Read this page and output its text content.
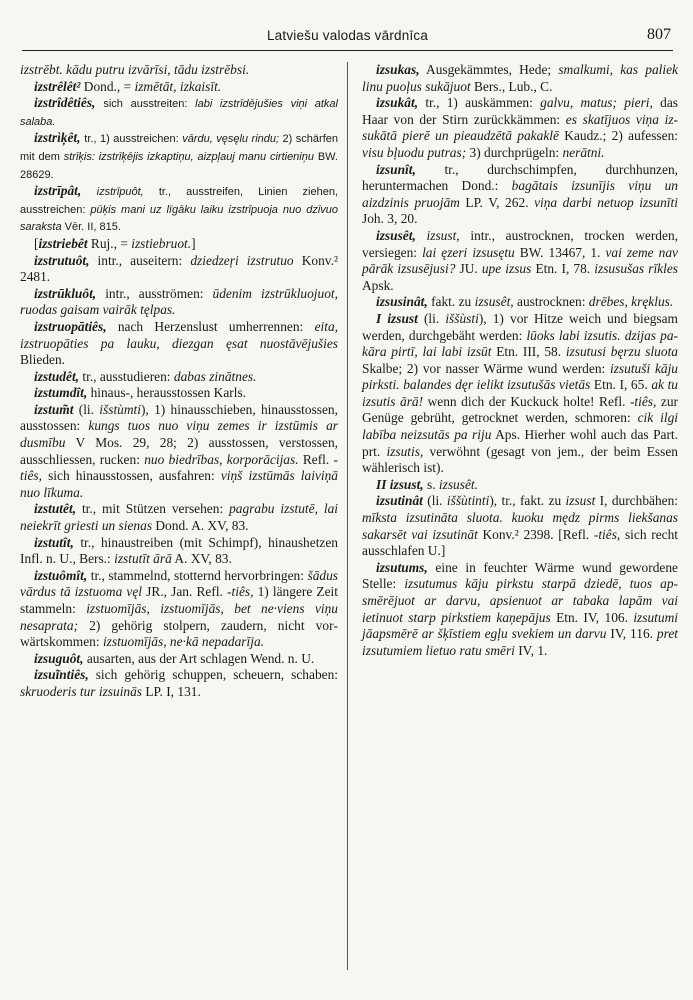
Latviešu valodas vārdnīca	807

izstrēbt. kādu putru izvārīsi, tādu izstrēbsi.

izstrêlêt² Dond., = izmētāt, izkaisīt.

izstrîdêtiês, sich ausstreiten: labi izstrīdējušies viņi atkal salaba.

izstrìķêt, tr., 1) ausstreichen: vārdu, vęsęlu rindu; 2) schärfen mit dem strīķis: izstrīķējis izkaptiņu, aizpļauj manu cirtieniņu BW. 28629.

izstrīpât, izstrīpuôt, tr., ausstreifen, Linien ziehen, ausstreichen: pūķis mani uz lïgāku laiku izstrīpuoja nuo dzīvuo saraksta Vēr. II, 815.

[izstriebêt Ruj., = izstiebruot.]

izstrutuôt, intr., auseitern: dziedzeŗi izstrutuo Konv.² 2481.

izstrūkluôt, intr., ausströmen: ūdenim izstrūkluojuot, ruodas gaisam vairāk tęlpas.

izstruopātiês, nach Herzenslust umherrennen: eita, izstruopāties pa lauku, diezgan ęsat nuostāvējušies Blieden.

izstudêt, tr., ausstudieren: dabas zinātnes.

izstumdît, hinaus-, herausstossen Karls.

izstum̃t (li. išstùmti), 1) hinausschieben, hinausstossen, ausstossen: kungs tuos nuo viņu zemes ir izstūmis ar dusmību V Mos. 29, 28; 2) ausstossen, verstossen, ausschliessen, rucken: nuo biedrības, korporācijas. Refl. -tiês, sich hinausstossen, ausfahren: viņš izstūmās laiviņā nuo līkuma.

izstutêt, tr., mit Stützen versehen: pagrabu izstutē, lai neiekrīt griesti un sienas Dond. A. XV, 83.

izstutît, tr., hinaustreiben (mit Schimpf), hinaushetzen Infl. n. U., Bers.: izstutīt ārā A. XV, 83.

izstuômît, tr., stammelnd, stotternd hervorbringen: šādus vārdus tā izstuoma vęl JR., Jan. Refl. -tiês, 1) längere Zeit stammeln: izstuomījās, izstuomījās, bet ne·viens viņu nesaprata; 2) gehörig stolpern, zaudern, nicht vorwärtskommen: izstuomījās, ne·kā nepadarīja.

izsuguôt, ausarten, aus der Art schlagen Wend. n. U.

izsuĩntiês, sich gehörig schuppen, scheuern, schaben: skruoderis tur izsuinās LP. I, 131.

izsukas, Ausgekämmtes, Hede; smalkumi, kas paliek linu puoļus sukājuot Bers., Lub., C.

izsukât, tr., 1) auskämmen: galvu, matus; pieri, das Haar von der Stirn zurückkämmen: es skatījuos viņa izsukātā pierē un pieaudzētā pakaklē Kaudz.; 2) aufessen: visu bļuodu putras; 3) durchprügeln: nerātni.

izsunît, tr., durchschimpfen, durchhunzen, heruntermachen Dond.: bagātais izsunījis viņu un aizdzinis pruojām LP. V, 262. viņa darbi netuop izsunīti Joh. 3, 20.

izsusêt, izsust, intr., austrocknen, trocken werden, versiegen: lai ęzeri izsusętu BW. 13467, 1. vai zeme nav pārāk izsusējusi? JU. upe izsus Etn. I, 78. izsusušas rīkles Apsk.

izsusinât, fakt. zu izsusêt, austrocknen: drēbes, kręklus.

I izsust (li. iššùsti), 1) vor Hitze weich und biegsam werden, durchgebäht werden: lūoks labi izsutis. dzijas pakāra pirtī, lai labi izsūt Etn. III, 58. izsutusi bęrzu sluota Skalbe; 2) vor nasser Wärme wund werden: izsutuši kāju pirksti. balandes dęr ielikt izsutušās vietās Etn. I, 65. ak tu izsutis ārā! wenn dich der Kuckuck holte! Refl. -tiês, zur Genüge gebrüht, getrocknet werden, schmoren: cik ilgi labība neizsutās pa riju Aps. Hierher wohl auch das Part. prt. izsutis, verwöhnt (gesagt von jem., der beim Essen wählerisch ist).

II izsust, s. izsusêt.

izsutinât (li. iššùtinti), tr., fakt. zu izsust I, durchbähen: mīksta izsutināta sluota. kuoku mędz pirms liekšanas sakarsēt vai izsutināt Konv.² 2398. [Refl. -tiês, sich recht ausschlafen U.]

izsutums, eine in feuchter Wärme wund gewordene Stelle: izsutumus kāju pirkstu starpā dziedē, tuos apsmērējuot ar darvu, apsienuot ar tabaka lapām vai ietinuot starp pirkstiem kaņepājus Etn. IV, 106. izsutumi jāapsmērē ar šķīstiem egļu svekiem un darvu IV, 116. pret izsutumiem lietuo ratu smēri IV, 1.
